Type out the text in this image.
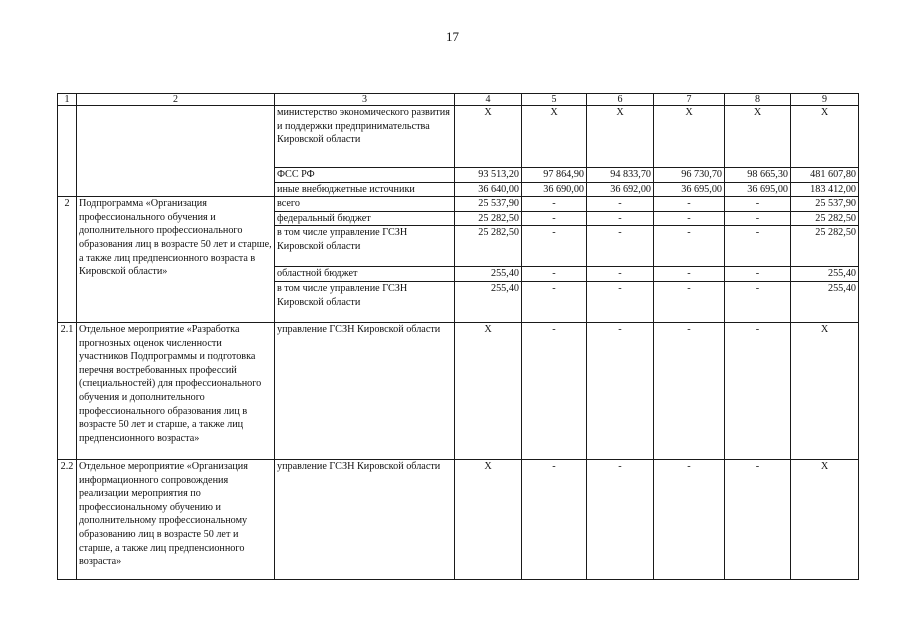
17
1	2	3	4	5	6	7	8	9
		министерство экономического развития и поддержки предпринимательства Кировской области	Х	Х	Х	Х	Х	Х
		ФСС РФ	93 513,20	97 864,90	94 833,70	96 730,70	98 665,30	481 607,80
		иные внебюджетные источники	36 640,00	36 690,00	36 692,00	36 695,00	36 695,00	183 412,00
2	Подпрограмма «Организация профессионального обучения и дополнительного профессионального образования лиц в возрасте 50 лет и старше, а также лиц предпенсионного возраста в Кировской области»	всего	25 537,90	-	-	-	-	25 537,90
		федеральный бюджет	25 282,50	-	-	-	-	25 282,50
		в том числе управление ГСЗН Кировской области	25 282,50	-	-	-	-	25 282,50
		областной бюджет	255,40	-	-	-	-	255,40
		в том числе управление ГСЗН Кировской области	255,40	-	-	-	-	255,40
2.1	Отдельное мероприятие «Разработка прогнозных оценок численности участников Подпрограммы и подготовка перечня востребованных профессий (специальностей) для профессионального обучения и дополнительного профессионального образования лиц в возрасте 50 лет и старше, а также лиц предпенсионного возраста»	управление ГСЗН Кировской области	Х	-	-	-	-	Х
2.2	Отдельное мероприятие «Организация информационного сопровождения реализации мероприятия по профессиональному обучению и дополнительному профессиональному образованию лиц в возрасте 50 лет и старше, а также лиц предпенсионного возраста»	управление ГСЗН Кировской области	Х	-	-	-	-	Х
